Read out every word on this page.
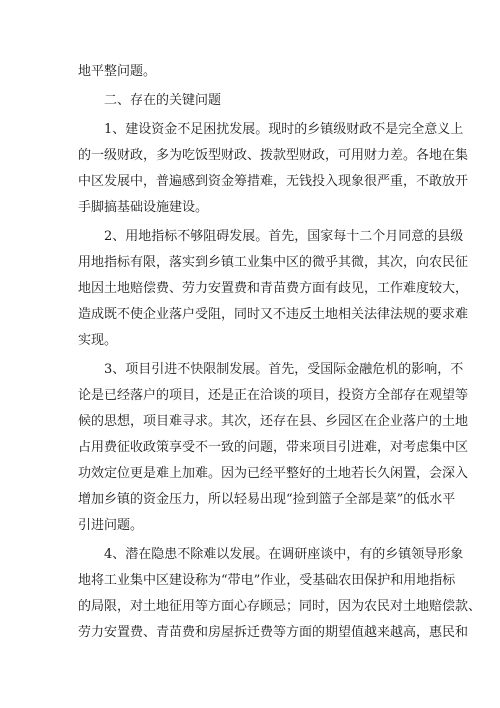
地平整问题。
二、存在的关键问题
1、建设资金不足困扰发展。现时的乡镇级财政不是完全意义上
的一级财政，多为吃饭型财政、拨款型财政，可用财力差。各地在集
中区发展中，普遍感到资金筹措难，无钱投入现象很严重，不敢放开
手脚搞基础设施建设。
2、用地指标不够阻碍发展。首先，国家每十二个月同意的县级
用地指标有限，落实到乡镇工业集中区的微乎其微，其次，向农民征
地因土地赔偿费、劳力安置费和青苗费方面有歧见，工作难度较大，
造成既不使企业落户受阻，同时又不违反土地相关法律法规的要求难
实现。
3、项目引进不快限制发展。首先，受国际金融危机的影响，不
论是已经落户的项目，还是正在洽谈的项目，投资方全部存在观望等
候的思想，项目难寻求。其次，还存在县、乡园区在企业落户的土地
占用费征收政策享受不一致的问题，带来项目引进难，对考虑集中区
功效定位更是难上加难。因为已经平整好的土地若长久闲置，会深入
增加乡镇的资金压力，所以轻易出现“捡到篮子全部是菜”的低水平
引进问题。
4、潜在隐患不除难以发展。在调研座谈中，有的乡镇领导形象
地将工业集中区建设称为“带电”作业，受基础农田保护和用地指标
的局限，对土地征用等方面心存顾忌；同时，因为农民对土地赔偿款、
劳力安置费、青苗费和房屋拆迁费等方面的期望值越来越高，惠民和
